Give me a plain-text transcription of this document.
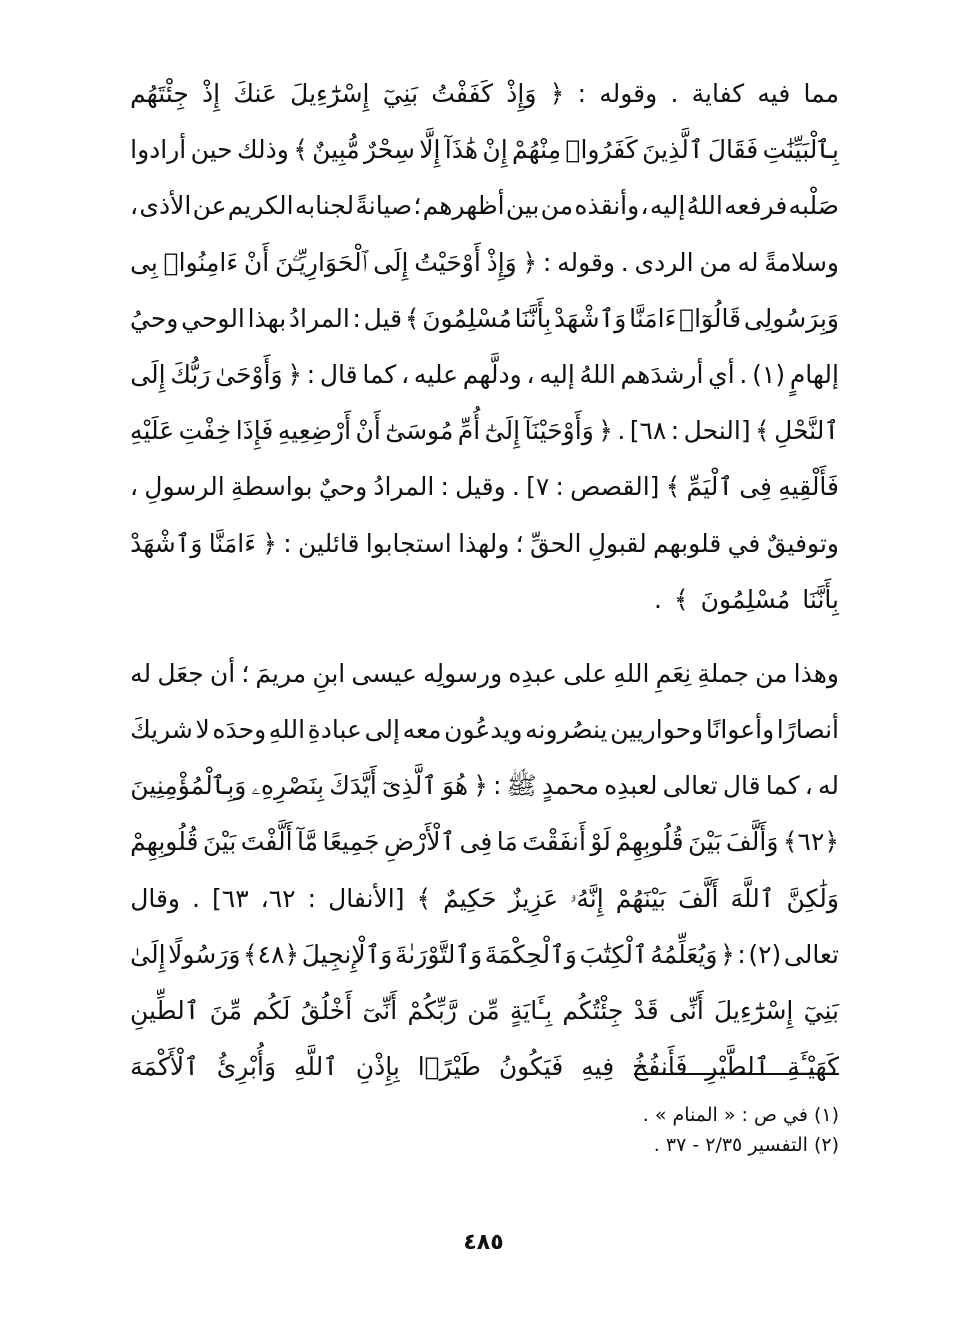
مما
فيه
كفاية
.
وقوله
:
﴿
وَإِذْ
كَفَفْتُ
بَنِيٓ
إِسْرَٰٓءِيلَ
عَنكَ
إِذْ
جِئْتَهُم
بِٱلْبَيِّنَٰتِ
فَقَالَ
ٱلَّذِينَ
كَفَرُوا۟
مِنْهُمْ
إِنْ
هَٰذَآ
إِلَّا
سِحْرٌ
مُّبِينٌ
﴾
وذلك
حين
أرادوا
صَلْبه
فرفعه
اللهُ
إليه
،
وأنقذه
من
بين
أظهرهم
؛
صيانةً
لجنابه
الكريم
عن
الأذى
،
وسلامةً
له
من
الردى
.
وقوله
:
﴿
وَإِذْ
أَوْحَيْتُ
إِلَى
ٱلْحَوَارِيِّـۧنَ
أَنْ
ءَامِنُوا۟
بِى
وَبِرَسُولِى
قَالُوٓا۟
ءَامَنَّا
وَٱشْهَدْ
بِأَنَّنَا
مُسْلِمُونَ
﴾
قيل
:
المرادُ
بهذا
الوحي
وحيُ
إلهامٍ
(١)
.
أي
أرشدَهم
اللهُ
إليه
،
ودلَّهم
عليه
،
كما
قال
:
﴿
وَأَوْحَىٰ
رَبُّكَ
إِلَى
ٱلنَّحْلِ
﴾
[النحل
:
٦٨]
.
﴿
وَأَوْحَيْنَآ
إِلَىٰٓ
أُمِّ
مُوسَىٰٓ
أَنْ
أَرْضِعِيهِ
فَإِذَا
خِفْتِ
عَلَيْهِ
فَأَلْقِيهِ
فِى
ٱلْيَمِّ
﴾
[القصص
:
٧]
.
وقيل
:
المرادُ
وحيٌ
بواسطةِ
الرسولِ
،
وتوفيقٌ
في
قلوبهم
لقبولِ
الحقِّ
؛
ولهذا
استجابوا
قائلين
:
﴿
ءَامَنَّا
وَٱشْهَدْ
بِأَنَّنَا
مُسْلِمُونَ
﴾
.
وهذا
من
جملةِ
نِعَمِ
اللهِ
على
عبدِه
ورسولِه
عيسى
ابنِ
مريمَ
؛
أن
جعَل
له
أنصارًا
وأعوانًا
وحواريين
ينصُرونه
ويدعُون
معه
إلى
عبادةِ
اللهِ
وحدَه
لا
شريكَ
له
،
كما
قال
تعالى
لعبدِه
محمدٍ
ﷺ
:
﴿
هُوَ
ٱلَّذِىٓ
أَيَّدَكَ
بِنَصْرِهِۦ
وَبِٱلْمُؤْمِنِينَ
﴿٦٢﴾
وَأَلَّفَ
بَيْنَ
قُلُوبِهِمْ
لَوْ
أَنفَقْتَ
مَا
فِى
ٱلْأَرْضِ
جَمِيعًا
مَّآ
أَلَّفْتَ
بَيْنَ
قُلُوبِهِمْ
وَلَٰكِنَّ
ٱللَّهَ
أَلَّفَ
بَيْنَهُمْ
إِنَّهُۥ
عَزِيزٌ
حَكِيمٌ
﴾
[الأنفال
:
٦٢،
٦٣]
.
وقال
تعالى
(٢)
:
﴿
وَيُعَلِّمُهُ
ٱلْكِتَٰبَ
وَٱلْحِكْمَةَ
وَٱلتَّوْرَىٰةَ
وَٱلْإِنجِيلَ
﴿٤٨﴾
وَرَسُولًا
إِلَىٰ
بَنِيٓ
إِسْرَٰٓءِيلَ
أَنِّى
قَدْ
جِئْتُكُم
بِـَٔايَةٍ
مِّن
رَّبِّكُمْ
أَنِّىٓ
أَخْلُقُ
لَكُم
مِّنَ
ٱلطِّينِ
كَهَيْـَٔةِ
ٱلطَّيْرِ
فَأَنفُخُ
فِيهِ
فَيَكُونُ
طَيْرًۢا
بِإِذْنِ
ٱللَّهِ
وَأُبْرِئُ
ٱلْأَكْمَهَ
(١) في ص : « المنام » .
(٢) التفسير ٢/٣٥ - ٣٧ .
٤٨٥
